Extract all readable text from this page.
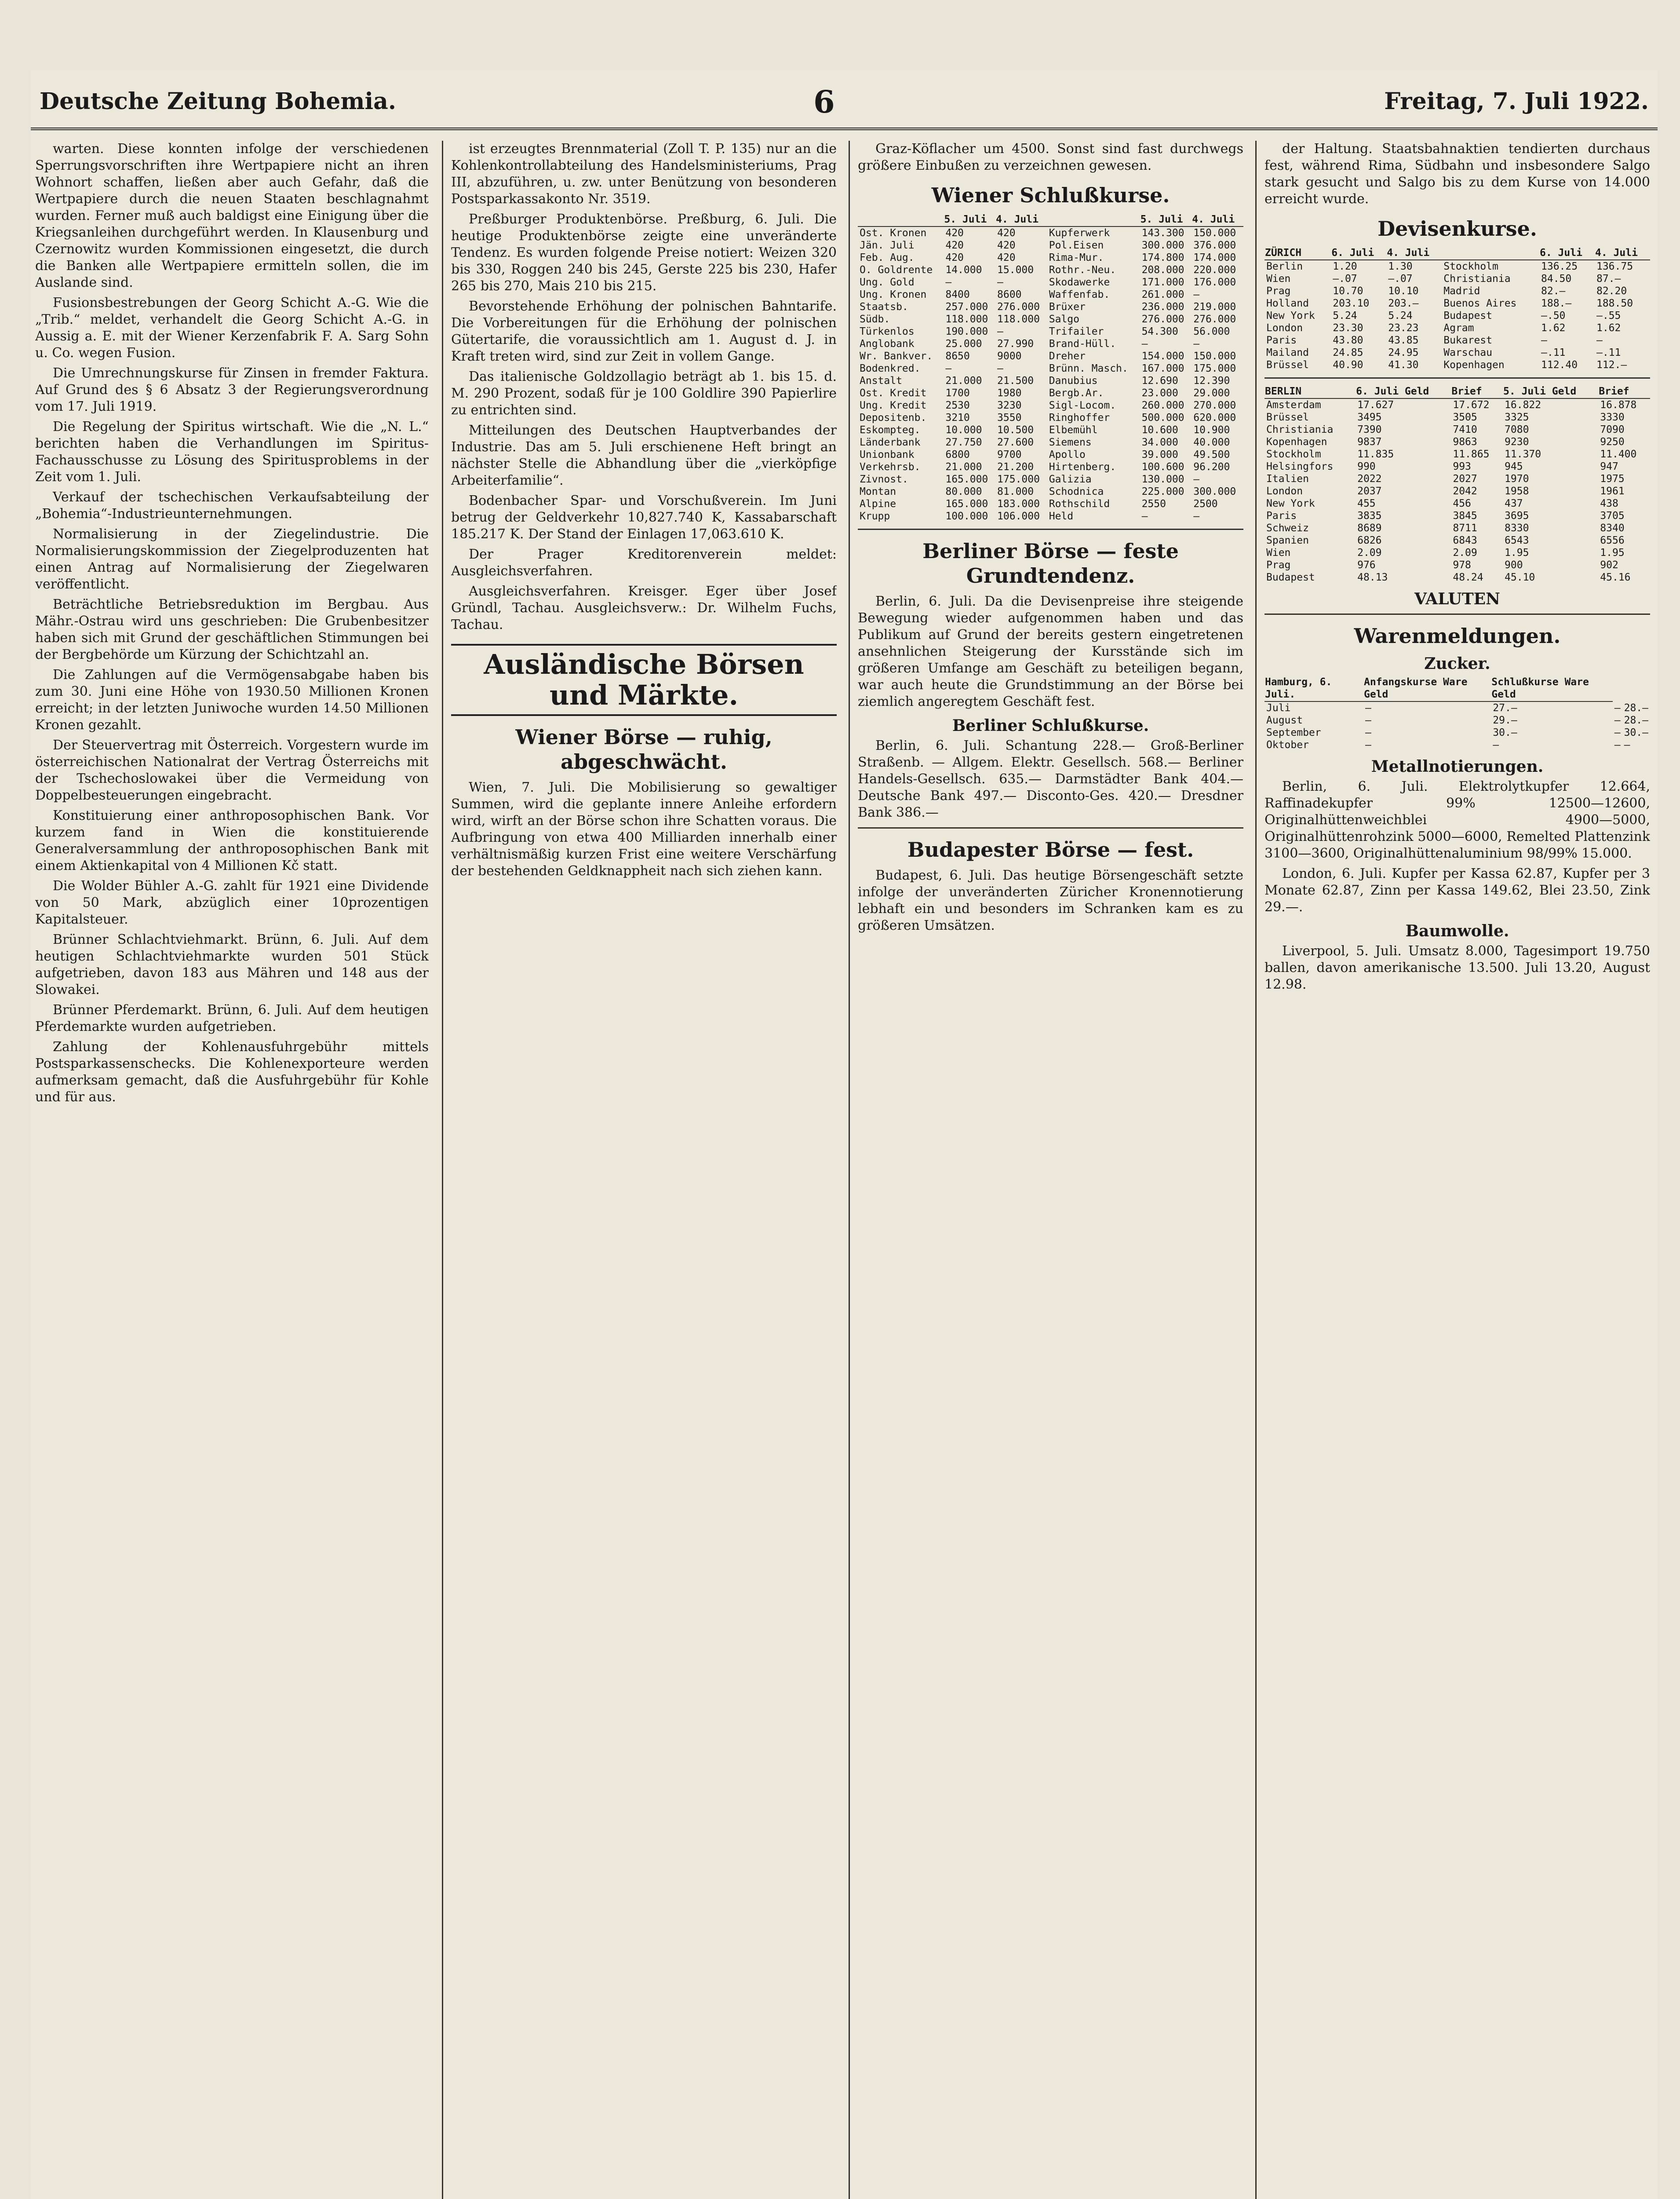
Deutsche Zeitung Bohemia.	6	Freitag, 7. Juli 1922.

warten. Diese konnten infolge der verschiedenen Sperrungsvorschriften ihre Wertpapiere nicht an ihren Wohnort schaffen, ließen aber auch Gefahr, daß die Wertpapiere durch die neuen Staaten beschlagnahmt wurden. Ferner muß auch baldigst eine Einigung über die Kriegsanleihen durchgeführt werden. In Klausenburg und Czernowitz wurden Kommissionen eingesetzt, die durch die Banken alle Wertpapiere ermitteln sollen, die im Auslande sind.

Fusionsbestrebungen der Georg Schicht A.-G. Wie die „Trib.“ meldet, verhandelt die Georg Schicht A.-G. in Aussig a. E. mit der Wiener Kerzenfabrik F. A. Sarg Sohn u. Co. wegen Fusion.

Die Umrechnungskurse für Zinsen in fremder Faktura. Auf Grund des § 6 Absatz 3 der Regierungsverordnung vom 17. Juli 1919.

Die Regelung der Spiritus wirtschaft. Wie die „N. L.“ berichten haben die Verhandlungen im Spiritus-Fachausschusse zu Lösung des Spiritusproblems in der Zeit vom 1. Juli.

Verkauf der tschechischen Verkaufsabteilung der „Bohemia“-Industrieunternehmungen.

Normalisierung in der Ziegelindustrie. Die Normalisierungskommission der Ziegelproduzenten hat einen Antrag auf Normalisierung der Ziegelwaren veröffentlicht.

Beträchtliche Betriebsreduktion im Bergbau. Aus Mähr.-Ostrau wird uns geschrieben: Die Grubenbesitzer haben sich mit Grund der geschäftlichen Stimmungen bei der Bergbehörde um Kürzung der Schichtzahl an.

Die Zahlungen auf die Vermögensabgabe haben bis zum 30. Juni eine Höhe von 1930.50 Millionen Kronen erreicht; in der letzten Juniwoche wurden 14.50 Millionen Kronen gezahlt.

Der Steuervertrag mit Österreich. Vorgestern wurde im österreichischen Nationalrat der Vertrag Österreichs mit der Tschechoslowakei über die Vermeidung von Doppelbesteuerungen eingebracht.

Konstituierung einer anthroposophischen Bank. Vor kurzem fand in Wien die konstituierende Generalversammlung der anthroposophischen Bank mit einem Aktienkapital von 4 Millionen Kč statt.

Die Wolder Bühler A.-G. zahlt für 1921 eine Dividende von 50 Mark, abzüglich einer 10prozentigen Kapitalsteuer.

Brünner Schlachtviehmarkt. Brünn, 6. Juli. Auf dem heutigen Schlachtviehmarkte wurden 501 Stück aufgetrieben, davon 183 aus Mähren und 148 aus der Slowakei.

Brünner Pferdemarkt. Brünn, 6. Juli. Auf dem heutigen Pferdemarkte wurden aufgetrieben.

Zahlung der Kohlenausfuhrgebühr mittels Postsparkassenschecks. Die Kohlenexporteure werden aufmerksam gemacht, daß die Ausfuhrgebühr für Kohle und für aus.

ist erzeugtes Brennmaterial (Zoll T. P. 135) nur an die Kohlenkontrollabteilung des Handelsministeriums, Prag III, abzuführen, u. zw. unter Benützung von besonderen Postsparkassakonto Nr. 3519.

Preßburger Produktenbörse. Preßburg, 6. Juli. Die heutige Produktenbörse zeigte eine unveränderte Tendenz. Es wurden folgende Preise notiert: Weizen 320 bis 330, Roggen 240 bis 245, Gerste 225 bis 230, Hafer 265 bis 270, Mais 210 bis 215.

Bevorstehende Erhöhung der polnischen Bahntarife. Die Vorbereitungen für die Erhöhung der polnischen Gütertarife, die voraussichtlich am 1. August d. J. in Kraft treten wird, sind zur Zeit in vollem Gange.

Das italienische Goldzollagio beträgt ab 1. bis 15. d. M. 290 Prozent, sodaß für je 100 Goldlire 390 Papierlire zu entrichten sind.

Mitteilungen des Deutschen Hauptverbandes der Industrie. Das am 5. Juli erschienene Heft bringt an nächster Stelle die Abhandlung über die „vierköpfige Arbeiterfamilie“.

Bodenbacher Spar- und Vorschußverein. Im Juni betrug der Geldverkehr 10,827.740 K, Kassabarschaft 185.217 K. Der Stand der Einlagen 17,063.610 K.

Der Prager Kreditorenverein meldet: Ausgleichsverfahren.

Ausgleichsverfahren. Kreisger. Eger über Josef Gründl, Tachau. Ausgleichsverw.: Dr. Wilhelm Fuchs, Tachau.

Ausländische Börsen und Märkte.
Wiener Börse — ruhig, abgeschwächt.

Wien, 7. Juli. Die Mobilisierung so gewaltiger Summen, wird die geplante innere Anleihe erfordern wird, wirft an der Börse schon ihre Schatten voraus. Die Aufbringung von etwa 400 Milliarden innerhalb einer verhältnismäßig kurzen Frist eine weitere Verschärfung der bestehenden Geldknappheit nach sich ziehen kann.

Graz-Köflacher um 4500. Sonst sind fast durchwegs größere Einbußen zu verzeichnen gewesen.

Wiener Schlußkurse.
	5. Juli	4. Juli		5. Juli	4. Juli
Ost. Kronen	420	420	Kupferwerk	143.300	150.000
Jän. Juli	420	420	Pol.Eisen	300.000	376.000
Feb. Aug.	420	420	Rima-Mur.	174.800	174.000
O. Goldrente	14.000	15.000	Rothr.-Neu.	208.000	220.000
Ung. Gold	—	—	Skodawerke	171.000	176.000
Ung. Kronen	8400	8600	Waffenfab.	261.000	—
Staatsb.	257.000	276.000	Brüxer	236.000	219.000
Südb.	118.000	118.000	Salgo	276.000	276.000
Türkenlos	190.000	—	Trifailer	54.300	56.000
Anglobank	25.000	27.990	Brand-Hüll.	—	—
Wr. Bankver.	8650	9000	Dreher	154.000	150.000
Bodenkred.	—	—	Brünn. Masch.	167.000	175.000
Anstalt	21.000	21.500	Danubius	12.690	12.390
Ost. Kredit	1700	1980	Bergb.Ar.	23.000	29.000
Ung. Kredit	2530	3230	Sigl-Locom.	260.000	270.000
Depositenb.	3210	3550	Ringhoffer	500.000	620.000
Eskompteg.	10.000	10.500	Elbemühl	10.600	10.900
Länderbank	27.750	27.600	Siemens	34.000	40.000
Unionbank	6800	9700	Apollo	39.000	49.500
Verkehrsb.	21.000	21.200	Hirtenberg.	100.600	96.200
Zivnost.	165.000	175.000	Galizia	130.000	—
Montan	80.000	81.000	Schodnica	225.000	300.000
Alpine	165.000	183.000	Rothschild	2550	2500
Krupp	100.000	106.000	Held	—	—
Berliner Börse — feste Grundtendenz.

Berlin, 6. Juli. Da die Devisenpreise ihre steigende Bewegung wieder aufgenommen haben und das Publikum auf Grund der bereits gestern eingetretenen ansehnlichen Steigerung der Kursstände sich im größeren Umfange am Geschäft zu beteiligen begann, war auch heute die Grundstimmung an der Börse bei ziemlich angeregtem Geschäft fest.

Berliner Schlußkurse.

Berlin, 6. Juli. Schantung 228.— Groß-Berliner Straßenb. — Allgem. Elektr. Gesellsch. 568.— Berliner Handels-Gesellsch. 635.— Darmstädter Bank 404.— Deutsche Bank 497.— Disconto-Ges. 420.— Dresdner Bank 386.—

Budapester Börse — fest.

Budapest, 6. Juli. Das heutige Börsengeschäft setzte infolge der unveränderten Züricher Kronennotierung lebhaft ein und besonders im Schranken kam es zu größeren Umsätzen.

der Haltung. Staatsbahnaktien tendierten durchaus fest, während Rima, Südbahn und insbesondere Salgo stark gesucht und Salgo bis zu dem Kurse von 14.000 erreicht wurde.

Devisenkurse.
ZÜRICH	6. Juli	4. Juli		6. Juli	4. Juli
Berlin	1.20	1.30	Stockholm	136.25	136.75
Wien	—.07	—.07	Christiania	84.50	87.—
Prag	10.70	10.10	Madrid	82.—	82.20
Holland	203.10	203.—	Buenos Aires	188.—	188.50
New York	5.24	5.24	Budapest	—.50	—.55
London	23.30	23.23	Agram	1.62	1.62
Paris	43.80	43.85	Bukarest	—	—
Mailand	24.85	24.95	Warschau	—.11	—.11
Brüssel	40.90	41.30	Kopenhagen	112.40	112.—
BERLIN	6. Juli Geld	Brief	5. Juli Geld	Brief
Amsterdam	17.627	17.672	16.822	16.878
Brüssel	3495	3505	3325	3330
Christiania	7390	7410	7080	7090
Kopenhagen	9837	9863	9230	9250
Stockholm	11.835	11.865	11.370	11.400
Helsingfors	990	993	945	947
Italien	2022	2027	1970	1975
London	2037	2042	1958	1961
New York	455	456	437	438
Paris	3835	3845	3695	3705
Schweiz	8689	8711	8330	8340
Spanien	6826	6843	6543	6556
Wien	2.09	2.09	1.95	1.95
Prag	976	978	900	902
Budapest	48.13	48.24	45.10	45.16
VALUTEN
Warenmeldungen.
Zucker.
Hamburg, 6. Juli.	Anfangskurse Ware Geld	Schlußkurse Ware Geld		
Juli	—	27.—	—	28.—
August	—	29.—	—	28.—
September	—	30.—	—	30.—
Oktober	—	—	—	—
Metallnotierungen.

Berlin, 6. Juli. Elektrolytkupfer 12.664, Raffinadekupfer 99% 12500—12600, Originalhüttenweichblei 4900—5000, Originalhüttenrohzink 5000—6000, Remelted Plattenzink 3100—3600, Originalhüttenaluminium 98/99% 15.000.

London, 6. Juli. Kupfer per Kassa 62.87, Kupfer per 3 Monate 62.87, Zinn per Kassa 149.62, Blei 23.50, Zink 29.—.

Baumwolle.

Liverpool, 5. Juli. Umsatz 8.000, Tagesimport 19.750 ballen, davon amerikanische 13.500. Juli 13.20, August 12.98.
